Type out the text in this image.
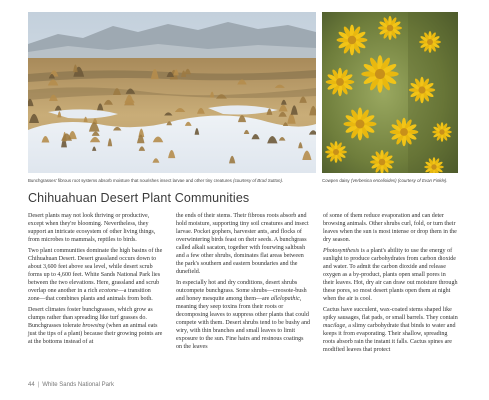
Bunchgrasses' fibrous root systems absorb moisture that nourishes insect larvae and other tiny creatures (courtesy of Brad Sutton).	Cowpen daisy (Verbesina encelioides) (courtesy of Evan Finkle).
Chihuahuan Desert Plant Communities

Desert plants may not look thriving or productive, except when they're blooming. Nevertheless, they support an intricate ecosystem of other living things, from microbes to mammals, reptiles to birds.

Two plant communities dominate the high basins of the Chihuahuan Desert. Desert grassland occurs down to about 3,600 feet above sea level, while desert scrub forms up to 4,600 feet. White Sands National Park lies between the two elevations. Here, grassland and scrub overlap one another in a rich ecotone—a transition zone—that combines plants and animals from both.

Desert climates foster bunchgrasses, which grow as clumps rather than spreading like turf grasses do. Bunchgrasses tolerate browsing (when an animal eats just the tips of a plant) because their growing points are at the bottoms instead of at

the ends of their stems. Their fibrous roots absorb and hold moisture, supporting tiny soil creatures and insect larvae. Pocket gophers, harvester ants, and flocks of overwintering birds feast on their seeds. A bunchgrass called alkali sacaton, together with fourwing saltbush and a few other shrubs, dominates flat areas between the park's southern and eastern boundaries and the dunefield.

In especially hot and dry conditions, desert shrubs outcompete bunchgrass. Some shrubs—creosote-bush and honey mesquite among them—are allelopathic, meaning they seep toxins from their roots or decomposing leaves to suppress other plants that could compete with them. Desert shrubs tend to be bushy and wiry, with thin branches and small leaves to limit exposure to the sun. Fine hairs and resinous coatings on the leaves

of some of them reduce evaporation and can deter browsing animals. Other shrubs curl, fold, or turn their leaves when the sun is most intense or drop them in the dry season.

Photosynthesis is a plant's ability to use the energy of sunlight to produce carbohydrates from carbon dioxide and water. To admit the carbon dioxide and release oxygen as a by-product, plants open small pores in their leaves. Hot, dry air can draw out moisture through these pores, so most desert plants open them at night when the air is cool.

Cactus have succulent, wax-coated stems shaped like spiky sausages, flat pads, or small barrels. They contain mucilage, a slimy carbohydrate that binds to water and keeps it from evaporating. Their shallow, spreading roots absorb rain the instant it falls. Cactus spines are modified leaves that protect

44 | White Sands National Park
